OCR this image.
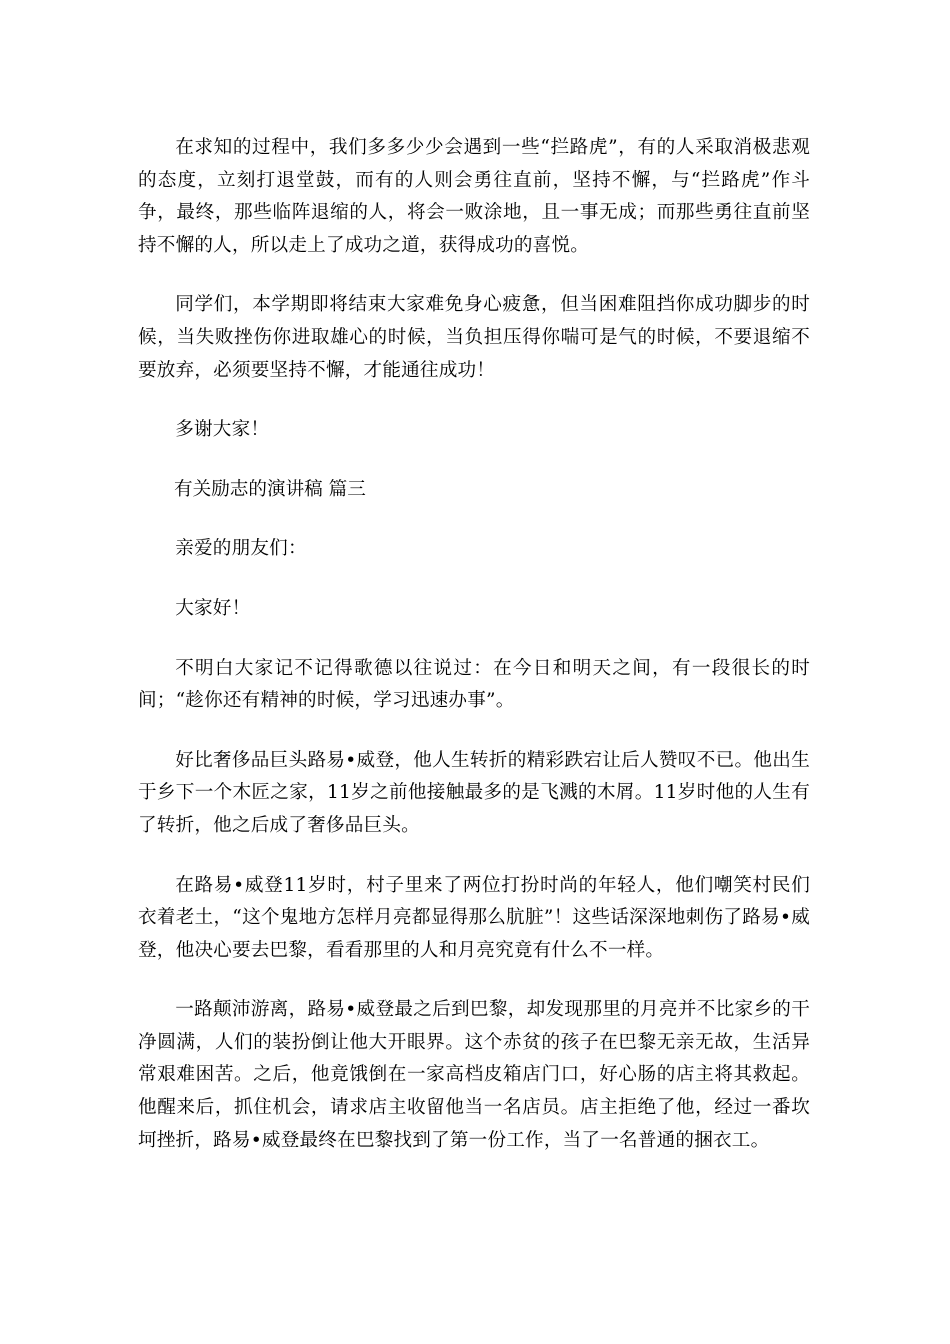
在求知的过程中，我们多多少少会遇到一些“拦路虎”，有的人采取消极悲观的态度，立刻打退堂鼓，而有的人则会勇往直前，坚持不懈，与“拦路虎”作斗争，最终，那些临阵退缩的人，将会一败涂地，且一事无成；而那些勇往直前坚持不懈的人，所以走上了成功之道，获得成功的喜悦。

同学们，本学期即将结束大家难免身心疲惫，但当困难阻挡你成功脚步的时候，当失败挫伤你进取雄心的时候，当负担压得你喘可是气的时候，不要退缩不要放弃，必须要坚持不懈，才能通往成功！

多谢大家！

有关励志的演讲稿 篇三

亲爱的朋友们：

大家好！

不明白大家记不记得歌德以往说过：在今日和明天之间，有一段很长的时间；“趁你还有精神的时候，学习迅速办事”。

好比奢侈品巨头路易•威登，他人生转折的精彩跌宕让后人赞叹不已。他出生于乡下一个木匠之家，11岁之前他接触最多的是飞溅的木屑。11岁时他的人生有了转折，他之后成了奢侈品巨头。

在路易•威登11岁时，村子里来了两位打扮时尚的年轻人，他们嘲笑村民们衣着老土，“这个鬼地方怎样月亮都显得那么肮脏”！这些话深深地刺伤了路易•威登，他决心要去巴黎，看看那里的人和月亮究竟有什么不一样。

一路颠沛游离，路易•威登最之后到巴黎，却发现那里的月亮并不比家乡的干净圆满，人们的装扮倒让他大开眼界。这个赤贫的孩子在巴黎无亲无故，生活异常艰难困苦。之后，他竟饿倒在一家高档皮箱店门口，好心肠的店主将其救起。他醒来后，抓住机会，请求店主收留他当一名店员。店主拒绝了他，经过一番坎坷挫折，路易•威登最终在巴黎找到了第一份工作，当了一名普通的捆衣工。
